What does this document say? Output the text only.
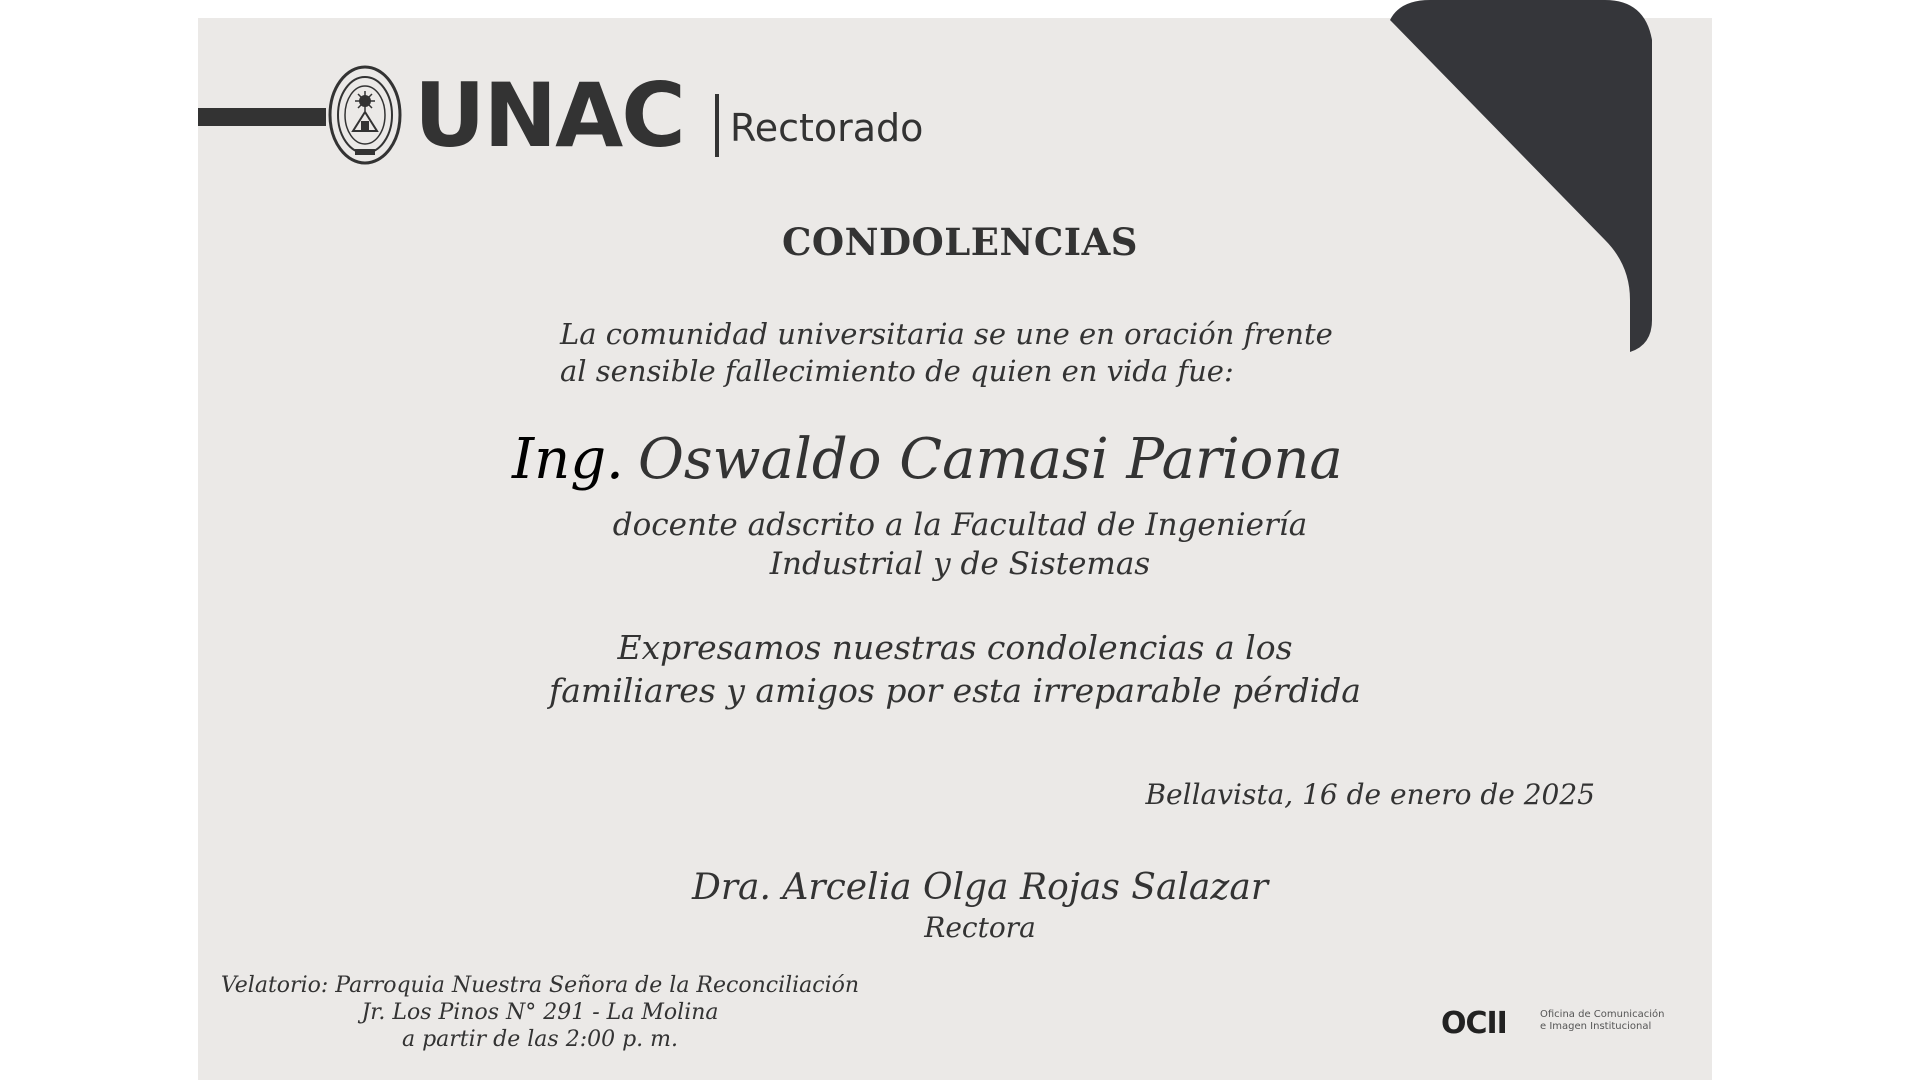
UNAC Rectorado
CONDOLENCIAS
La comunidad universitaria se une en oración frente
al sensible fallecimiento de quien en vida fue:
Ing. Oswaldo Camasi Pariona
docente adscrito a la Facultad de Ingeniería
Industrial y de Sistemas
Expresamos nuestras condolencias a los
familiares y amigos por esta irreparable pérdida
Bellavista, 16 de enero de 2025
Dra. Arcelia Olga Rojas Salazar
Rectora
Velatorio: Parroquia Nuestra Señora de la Reconciliación
Jr. Los Pinos N° 291 - La Molina
a partir de las 2:00 p. m.	OCII	Oficina de Comunicación
e Imagen Institucional
